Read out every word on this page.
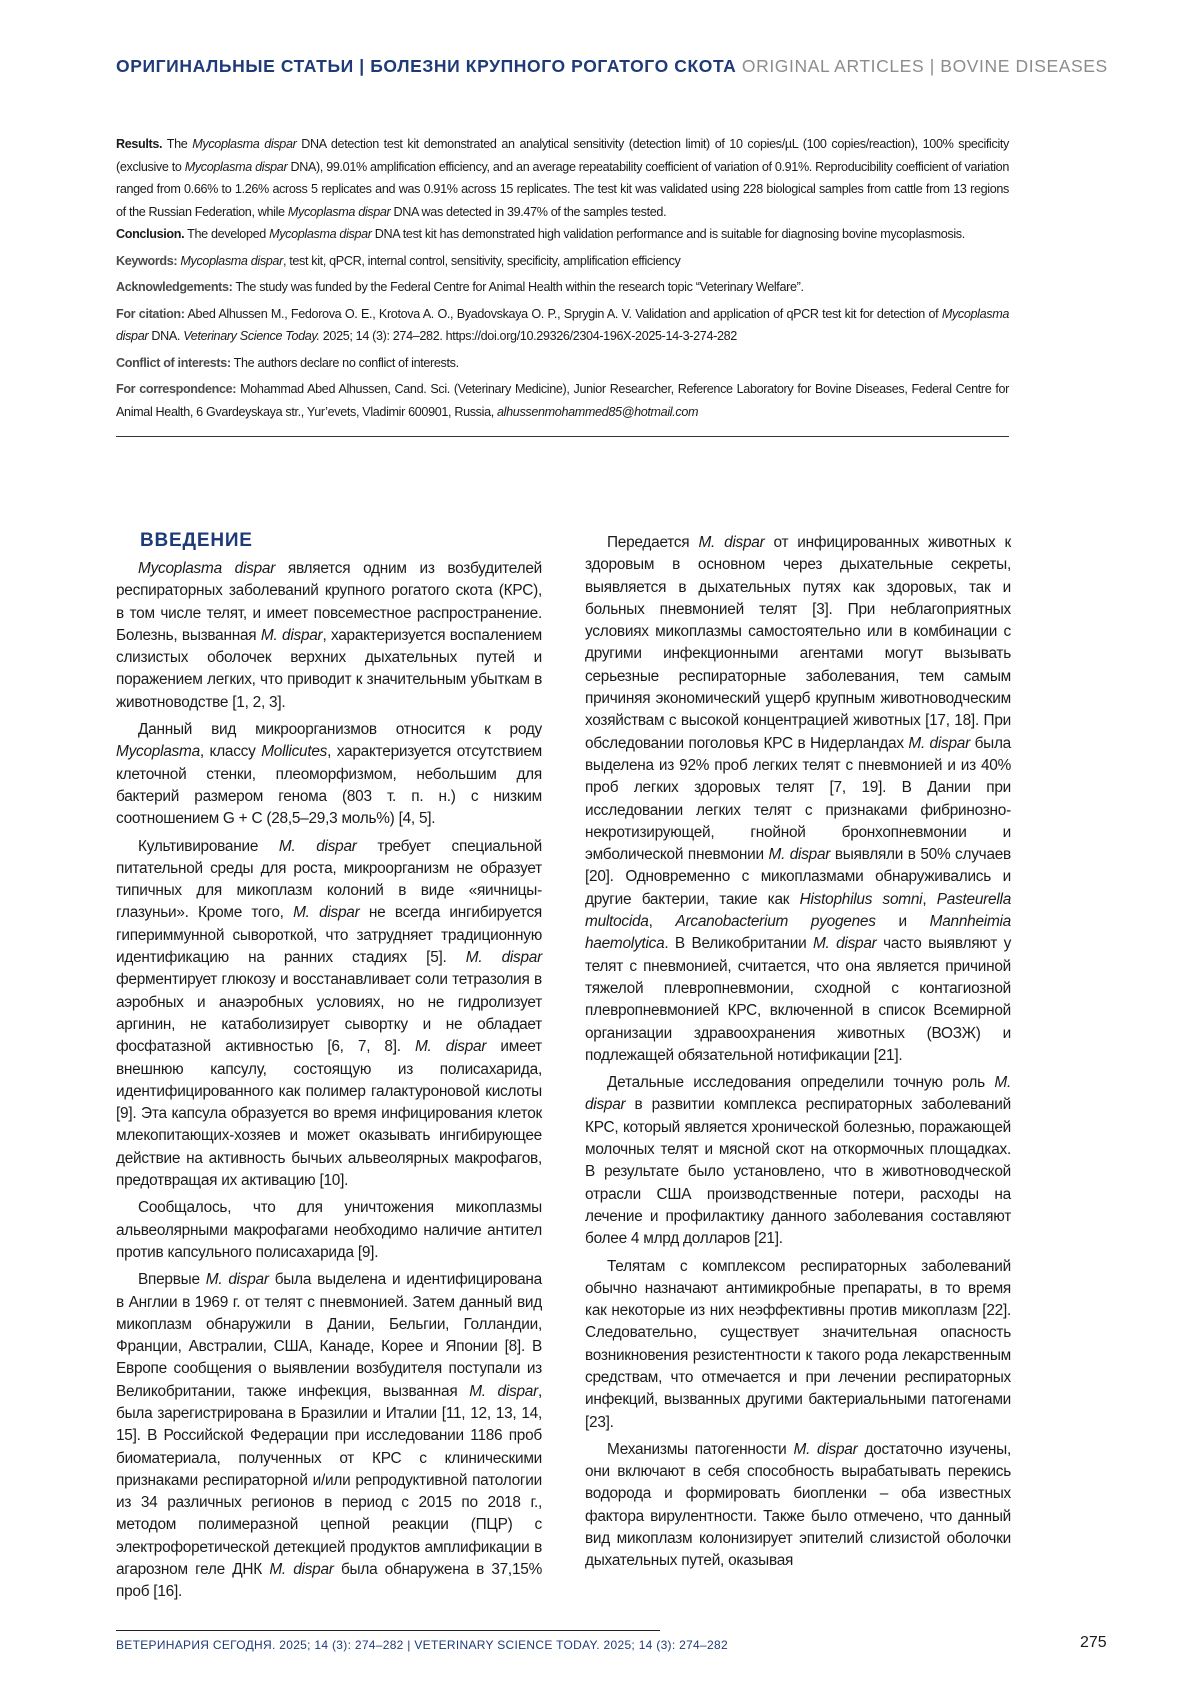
ОРИГИНАЛЬНЫЕ СТАТЬИ | БОЛЕЗНИ КРУПНОГО РОГАТОГО СКОТА ORIGINAL ARTICLES | BOVINE DISEASES

Results. The Mycoplasma dispar DNA detection test kit demonstrated an analytical sensitivity (detection limit) of 10 copies/µL (100 copies/reaction), 100% specificity (exclusive to Mycoplasma dispar DNA), 99.01% amplification efficiency, and an average repeatability coefficient of variation of 0.91%. Reproducibility coefficient of variation ranged from 0.66% to 1.26% across 5 replicates and was 0.91% across 15 replicates. The test kit was validated using 228 biological samples from cattle from 13 regions of the Russian Federation, while Mycoplasma dispar DNA was detected in 39.47% of the samples tested.

Conclusion. The developed Mycoplasma dispar DNA test kit has demonstrated high validation performance and is suitable for diagnosing bovine mycoplasmosis.

Keywords: Mycoplasma dispar, test kit, qPCR, internal control, sensitivity, specificity, amplification efficiency

Acknowledgements: The study was funded by the Federal Centre for Animal Health within the research topic “Veterinary Welfare”.

For citation: Abed Alhussen M., Fedorova O. E., Krotova A. O., Byadovskaya O. P., Sprygin A. V. Validation and application of qPCR test kit for detection of Mycoplasma dispar DNA. Veterinary Science Today. 2025; 14 (3): 274–282. https://doi.org/10.29326/2304-196X-2025-14-3-274-282

Conflict of interests: The authors declare no conflict of interests.

For correspondence: Mohammad Abed Alhussen, Cand. Sci. (Veterinary Medicine), Junior Researcher, Reference Laboratory for Bovine Diseases, Federal Centre for Animal Health, 6 Gvardeyskaya str., Yur’evets, Vladimir 600901, Russia, alhussenmohammed85@hotmail.com

ВВЕДЕНИЕ

Mycoplasma dispar является одним из возбудителей респираторных заболеваний крупного рогатого скота (КРС), в том числе телят, и имеет повсеместное распространение. Болезнь, вызванная M. dispar, характеризуется воспалением слизистых оболочек верхних дыхательных путей и поражением легких, что приводит к значительным убыткам в животноводстве [1, 2, 3].

Данный вид микроорганизмов относится к роду Mycoplasma, классу Mollicutes, характеризуется отсутствием клеточной стенки, плеоморфизмом, небольшим для бактерий размером генома (803 т. п. н.) с низким соотношением G + C (28,5–29,3 моль%) [4, 5].

Культивирование M. dispar требует специальной питательной среды для роста, микроорганизм не образует типичных для микоплазм колоний в виде «яичницы-глазуньи». Кроме того, M. dispar не всегда ингибируется гипериммунной сывороткой, что затрудняет традиционную идентификацию на ранних стадиях [5]. M. dispar ферментирует глюкозу и восстанавливает соли тетразолия в аэробных и анаэробных условиях, но не гидролизует аргинин, не катаболизирует сывортку и не обладает фосфатазной активностью [6, 7, 8]. M. dispar имеет внешнюю капсулу, состоящую из полисахарида, идентифицированного как полимер галактуроновой кислоты [9]. Эта капсула образуется во время инфицирования клеток млекопитающих-хозяев и может оказывать ингибирующее действие на активность бычьих альвеолярных макрофагов, предотвращая их активацию [10].

Сообщалось, что для уничтожения микоплазмы альвеолярными макрофагами необходимо наличие антител против капсульного полисахарида [9].

Впервые M. dispar была выделена и идентифицирована в Англии в 1969 г. от телят с пневмонией. Затем данный вид микоплазм обнаружили в Дании, Бельгии, Голландии, Франции, Австралии, США, Канаде, Корее и Японии [8]. В Европе сообщения о выявлении возбудителя поступали из Великобритании, также инфекция, вызванная M. dispar, была зарегистрирована в Бразилии и Италии [11, 12, 13, 14, 15]. В Российской Федерации при исследовании 1186 проб биоматериала, полученных от КРС с клиническими признаками респираторной и/или репродуктивной патологии из 34 различных регионов в период с 2015 по 2018 г., методом полимеразной цепной реакции (ПЦР) с электрофоретической детекцией продуктов амплификации в агарозном геле ДНК M. dispar была обнаружена в 37,15% проб [16].

Передается M. dispar от инфицированных животных к здоровым в основном через дыхательные секреты, выявляется в дыхательных путях как здоровых, так и больных пневмонией телят [3]. При неблагоприятных условиях микоплазмы самостоятельно или в комбинации с другими инфекционными агентами могут вызывать серьезные респираторные заболевания, тем самым причиняя экономический ущерб крупным животноводческим хозяйствам с высокой концентрацией животных [17, 18]. При обследовании поголовья КРС в Нидерландах M. dispar была выделена из 92% проб легких телят с пневмонией и из 40% проб легких здоровых телят [7, 19]. В Дании при исследовании легких телят с признаками фибринозно-некротизирующей, гнойной бронхопневмонии и эмболической пневмонии M. dispar выявляли в 50% случаев [20]. Одновременно с микоплазмами обнаруживались и другие бактерии, такие как Histophilus somni, Pasteurella multocida, Arcanobacterium pyogenes и Mannheimia haemolytica. В Великобритании M. dispar часто выявляют у телят с пневмонией, считается, что она является причиной тяжелой плевропневмонии, сходной с контагиозной плевропневмонией КРС, включенной в список Всемирной организации здравоохранения животных (ВОЗЖ) и подлежащей обязательной нотификации [21].

Детальные исследования определили точную роль M. dispar в развитии комплекса респираторных заболеваний КРС, который является хронической болезнью, поражающей молочных телят и мясной скот на откормочных площадках. В результате было установлено, что в животноводческой отрасли США производственные потери, расходы на лечение и профилактику данного заболевания составляют более 4 млрд долларов [21].

Телятам с комплексом респираторных заболеваний обычно назначают антимикробные препараты, в то время как некоторые из них неэффективны против микоплазм [22]. Следовательно, существует значительная опасность возникновения резистентности к такого рода лекарственным средствам, что отмечается и при лечении респираторных инфекций, вызванных другими бактериальными патогенами [23].

Механизмы патогенности M. dispar достаточно изучены, они включают в себя способность вырабатывать перекись водорода и формировать биопленки – оба известных фактора вирулентности. Также было отмечено, что данный вид микоплазм колонизирует эпителий слизистой оболочки дыхательных путей, оказывая

ВЕТЕРИНАРИЯ СЕГОДНЯ. 2025; 14 (3): 274–282 | VETERINARY SCIENCE TODAY. 2025; 14 (3): 274–282	275
